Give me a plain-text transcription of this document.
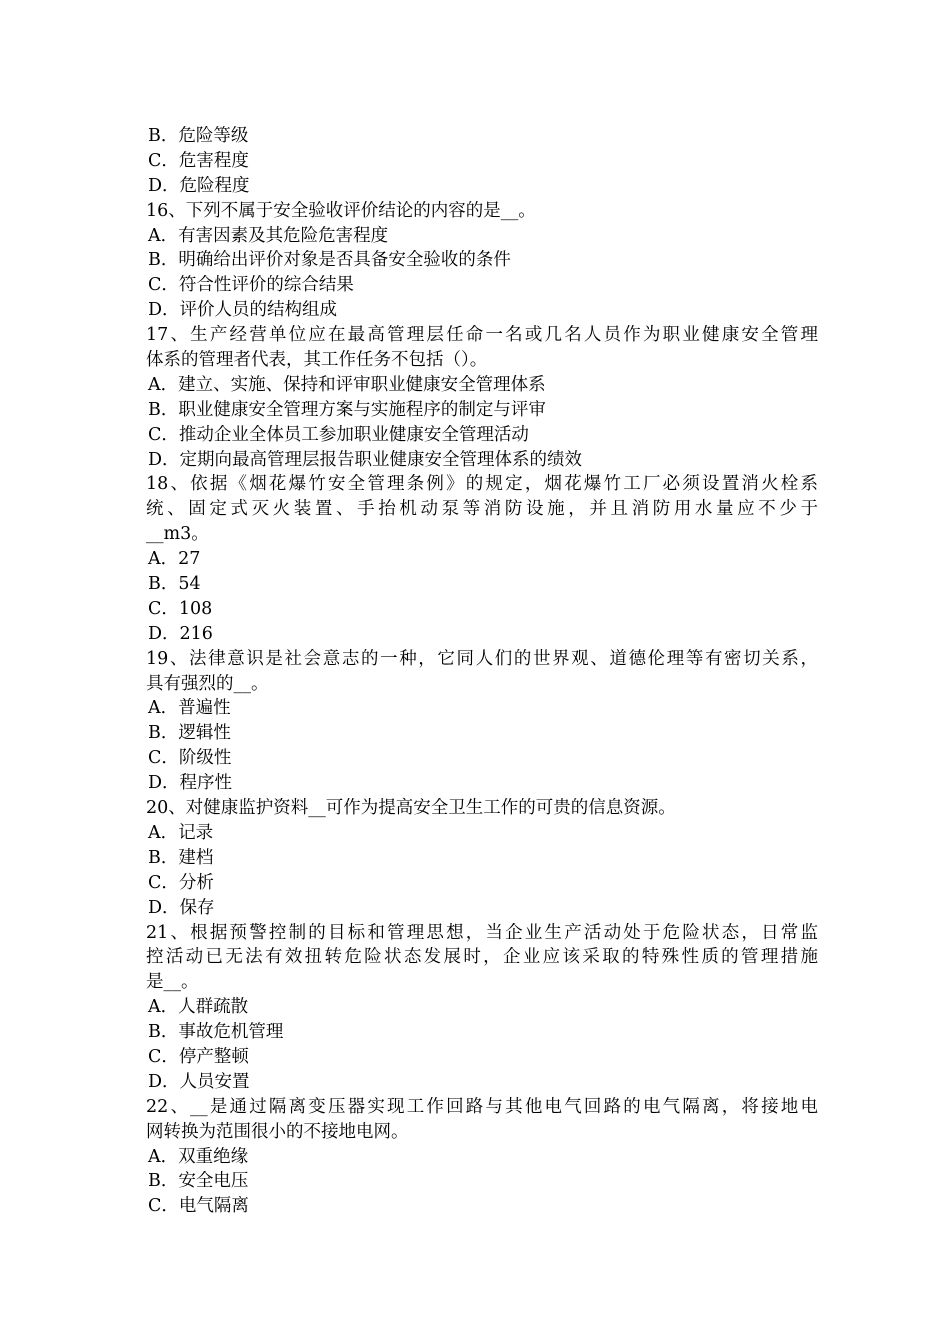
B．危险等级
C．危害程度
D．危险程度
16、下列不属于安全验收评价结论的内容的是__。
A．有害因素及其危险危害程度
B．明确给出评价对象是否具备安全验收的条件
C．符合性评价的综合结果
D．评价人员的结构组成
17、生产经营单位应在最高管理层任命一名或几名人员作为职业健康安全管理
体系的管理者代表，其工作任务不包括（）。
A．建立、实施、保持和评审职业健康安全管理体系
B．职业健康安全管理方案与实施程序的制定与评审
C．推动企业全体员工参加职业健康安全管理活动
D．定期向最高管理层报告职业健康安全管理体系的绩效
18、依据《烟花爆竹安全管理条例》的规定，烟花爆竹工厂必须设置消火栓系
统、固定式灭火装置、手抬机动泵等消防设施，并且消防用水量应不少于
__m3。
A．27
B．54
C．108
D．216
19、法律意识是社会意志的一种，它同人们的世界观、道德伦理等有密切关系，
具有强烈的__。
A．普遍性
B．逻辑性
C．阶级性
D．程序性
20、对健康监护资料__可作为提高安全卫生工作的可贵的信息资源。
A．记录
B．建档
C．分析
D．保存
21、根据预警控制的目标和管理思想，当企业生产活动处于危险状态，日常监
控活动已无法有效扭转危险状态发展时，企业应该采取的特殊性质的管理措施
是__。
A．人群疏散
B．事故危机管理
C．停产整顿
D．人员安置
22、__是通过隔离变压器实现工作回路与其他电气回路的电气隔离，将接地电
网转换为范围很小的不接地电网。
A．双重绝缘
B．安全电压
C．电气隔离
